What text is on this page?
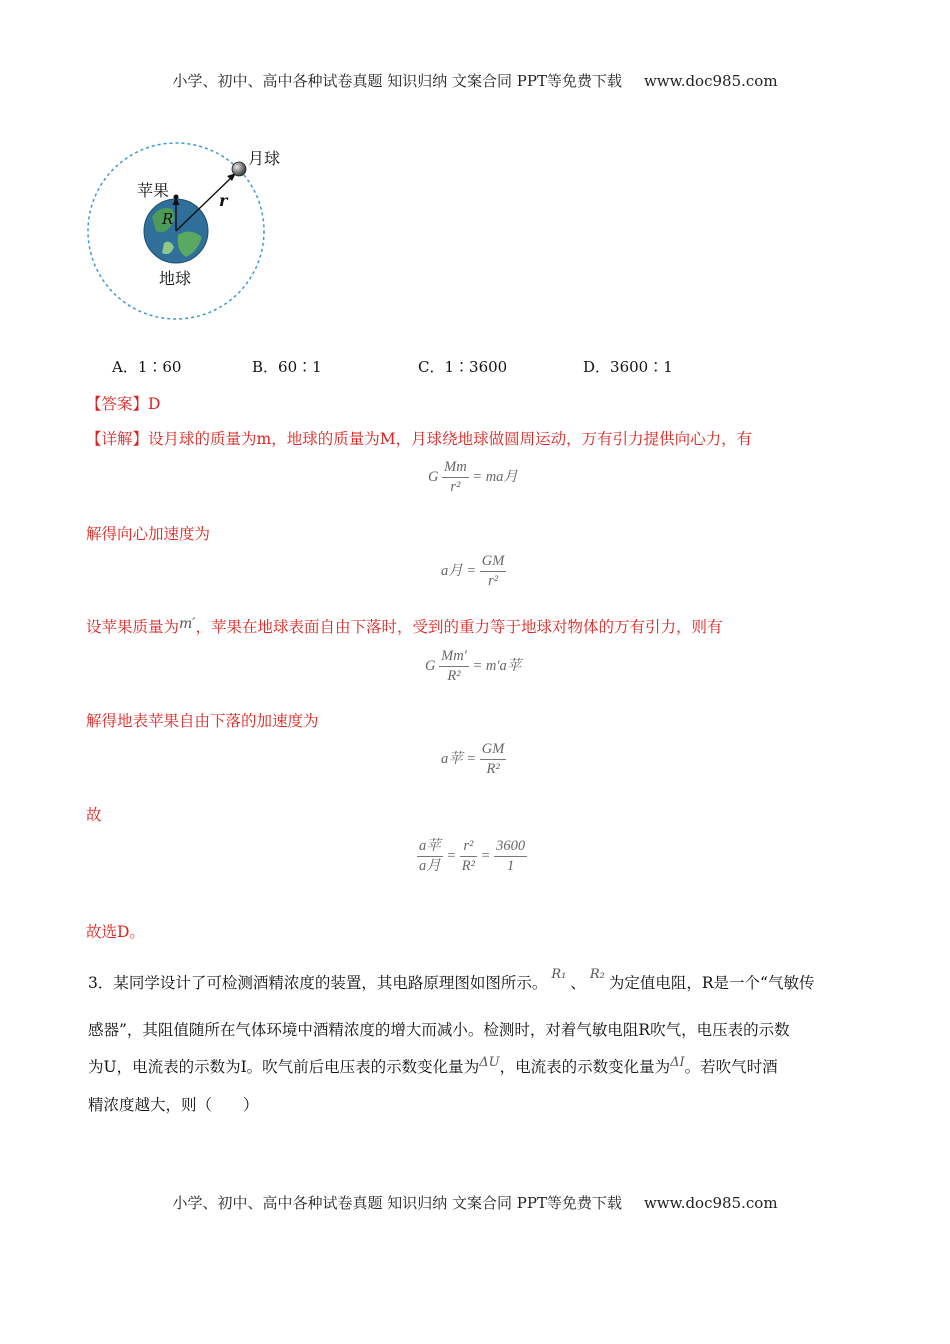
小学、初中、高中各种试卷真题 知识归纳 文案合同 PPT等免费下载 www.doc985.com
月球
苹果
地球
R
r
A．1∶60	B．60∶1	C．1∶3600	D．3600∶1
【答案】D
【详解】设月球的质量为m，地球的质量为M，月球绕地球做圆周运动，万有引力提供向心力，有
G $\frac{Mm}{\text{r²}}$ = ma月
解得向心加速度为
a月 = $\frac{GM}{\text{r²}}$
设苹果质量为m′，苹果在地球表面自由下落时，受到的重力等于地球对物体的万有引力，则有
G $\frac{Mm'}{\text{R²}} = m'a$苹
解得地表苹果自由下落的加速度为
a苹 = $\frac{GM}{\text{R²}}$
故
$\frac{\text{a苹}}{\text{a月}} = \frac{\text{r²}}{\text{R²}} = \frac{3600}{1}$
故选D。
3．某同学设计了可检测酒精浓度的装置，其电路原理图如图所示。 $^{R_1}$ 、 $^{R_2}$ 为定值电阻，R是一个“气敏传
感器”，其阻值随所在气体环境中酒精浓度的增大而减小。检测时，对着气敏电阻R吹气，电压表的示数
为U，电流表的示数为I。吹气前后电压表的示数变化量为$^{\Delta U}$，电流表的示数变化量为$^{\Delta I}$。若吹气时酒
精浓度越大，则（　　）
小学、初中、高中各种试卷真题 知识归纳 文案合同 PPT等免费下载 www.doc985.com
